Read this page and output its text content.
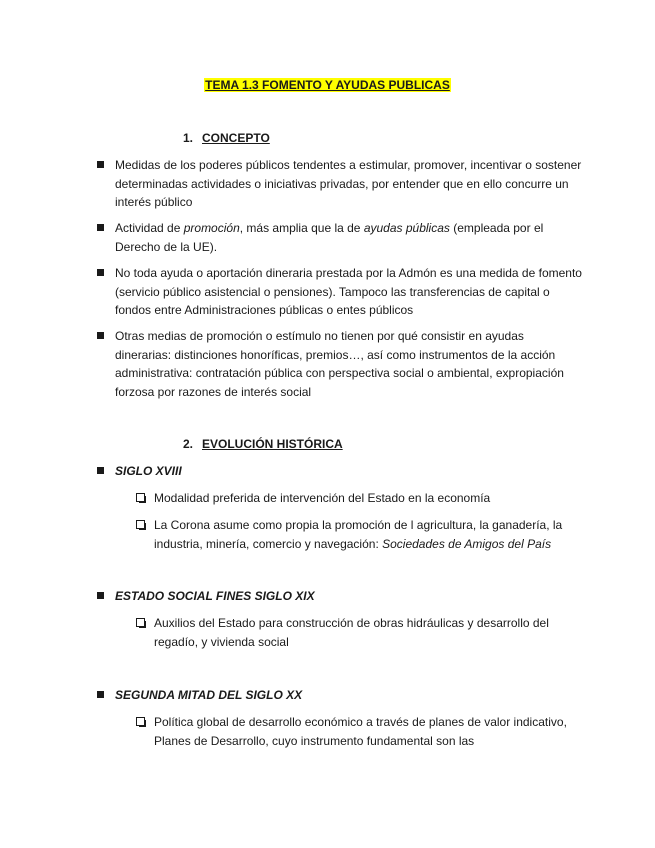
TEMA 1.3 FOMENTO Y AYUDAS PUBLICAS
1. CONCEPTO

Medidas de los poderes públicos tendentes a estimular, promover, incentivar o sostener determinadas actividades o iniciativas privadas, por entender que en ello concurre un interés público

Actividad de promoción, más amplia que la de ayudas públicas (empleada por el Derecho de la UE).

No toda ayuda o aportación dineraria prestada por la Admón es una medida de fomento (servicio público asistencial o pensiones). Tampoco las transferencias de capital o fondos entre Administraciones públicas o entes públicos

Otras medias de promoción o estímulo no tienen por qué consistir en ayudas dinerarias: distinciones honoríficas, premios…, así como instrumentos de la acción administrativa: contratación pública con perspectiva social o ambiental, expropiación forzosa por razones de interés social

2. EVOLUCIÓN HISTÓRICA

SIGLO XVIII

Modalidad preferida de intervención del Estado en la economía

La Corona asume como propia la promoción de l agricultura, la ganadería, la industria, minería, comercio y navegación: Sociedades de Amigos del País

ESTADO SOCIAL FINES SIGLO XIX

Auxilios del Estado para construcción de obras hidráulicas y desarrollo del regadío, y vivienda social

SEGUNDA MITAD DEL SIGLO XX

Política global de desarrollo económico a través de planes de valor indicativo, Planes de Desarrollo, cuyo instrumento fundamental son las
